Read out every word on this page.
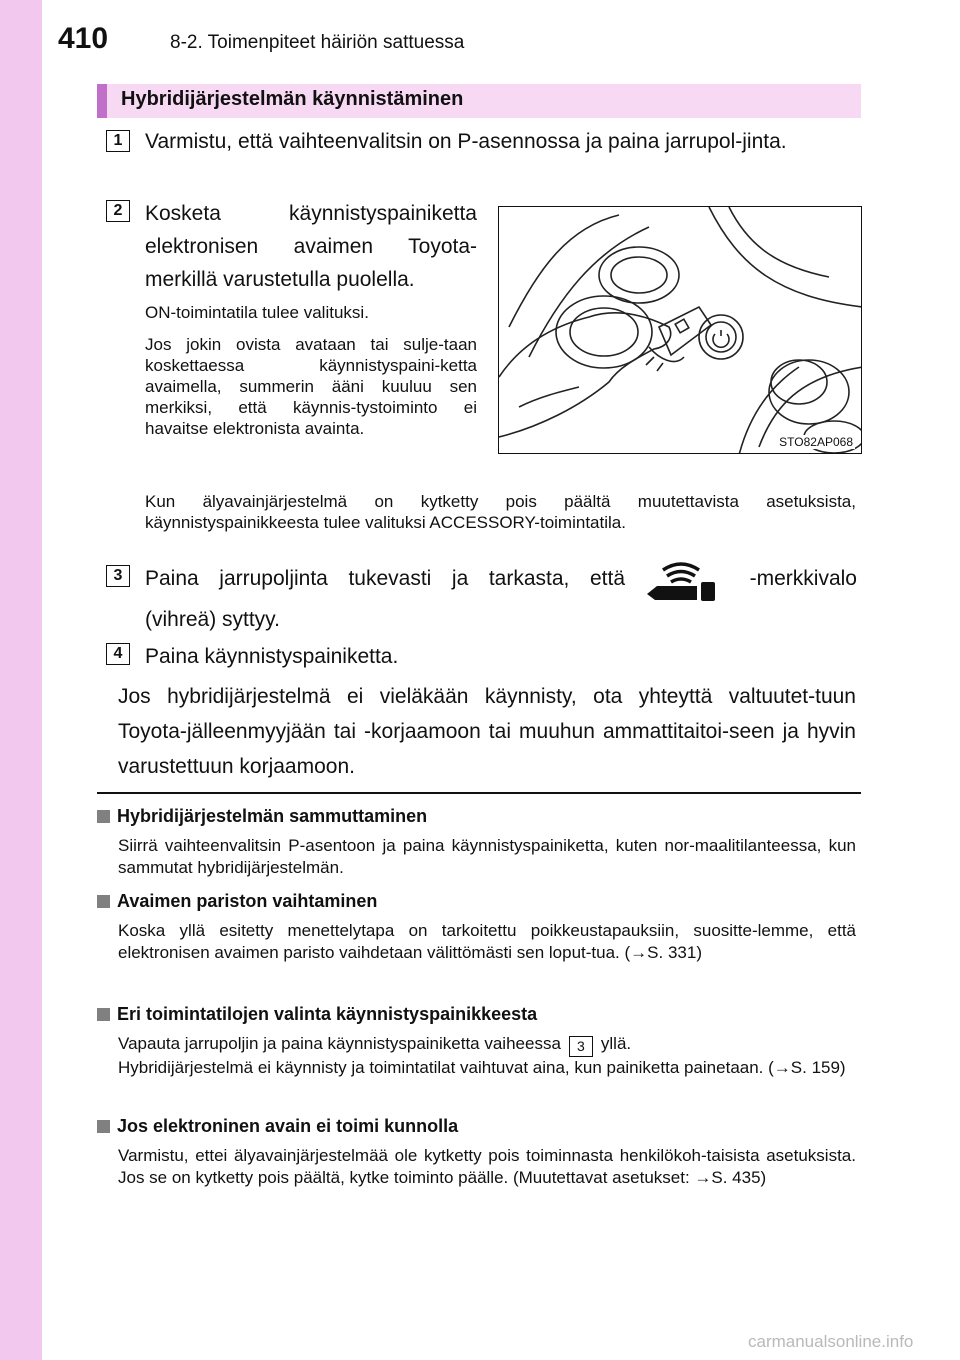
410	8-2. Toimenpiteet häiriön sattuessa
Hybridijärjestelmän käynnistäminen
1	Varmistu, että vaihteenvalitsin on P-asennossa ja paina jarrupol-jinta.
2	Kosketa käynnistyspainiketta elektronisen avaimen Toyota-merkillä varustetulla puolella.
ON-toimintatila tulee valituksi.
Jos jokin ovista avataan tai sulje-taan koskettaessa käynnistyspaini-ketta avaimella, summerin ääni kuuluu sen merkiksi, että käynnis-tystoiminto ei havaitse elektronista avainta.
STO82AP068
Kun älyavainjärjestelmä on kytketty pois päältä muutettavista asetuksista, käynnistyspainikkeesta tulee valituksi ACCESSORY-toimintatila.
3	Paina jarrupoljinta tukevasti ja tarkasta, että	-merkkivalo
(vihreä) syttyy.
4	Paina käynnistyspainiketta.
Jos hybridijärjestelmä ei vieläkään käynnisty, ota yhteyttä valtuutet-tuun Toyota-jälleenmyyjään tai -korjaamoon tai muuhun ammattitaitoi-seen ja hyvin varustettuun korjaamoon.
Hybridijärjestelmän sammuttaminen
Siirrä vaihteenvalitsin P-asentoon ja paina käynnistyspainiketta, kuten nor-maalitilanteessa, kun sammutat hybridijärjestelmän.
Avaimen pariston vaihtaminen
Koska yllä esitetty menettelytapa on tarkoitettu poikkeustapauksiin, suositte-lemme, että elektronisen avaimen paristo vaihdetaan välittömästi sen loput-tua. (→S. 331)
Eri toimintatilojen valinta käynnistyspainikkeesta
Vapauta jarrupoljin ja paina käynnistyspainiketta vaiheessa 3 yllä.
Hybridijärjestelmä ei käynnisty ja toimintatilat vaihtuvat aina, kun painiketta painetaan. (→S. 159)
Jos elektroninen avain ei toimi kunnolla
Varmistu, ettei älyavainjärjestelmää ole kytketty pois toiminnasta henkilökoh-taisista asetuksista. Jos se on kytketty pois päältä, kytke toiminto päälle. (Muutettavat asetukset: →S. 435)
carmanualsonline.info
